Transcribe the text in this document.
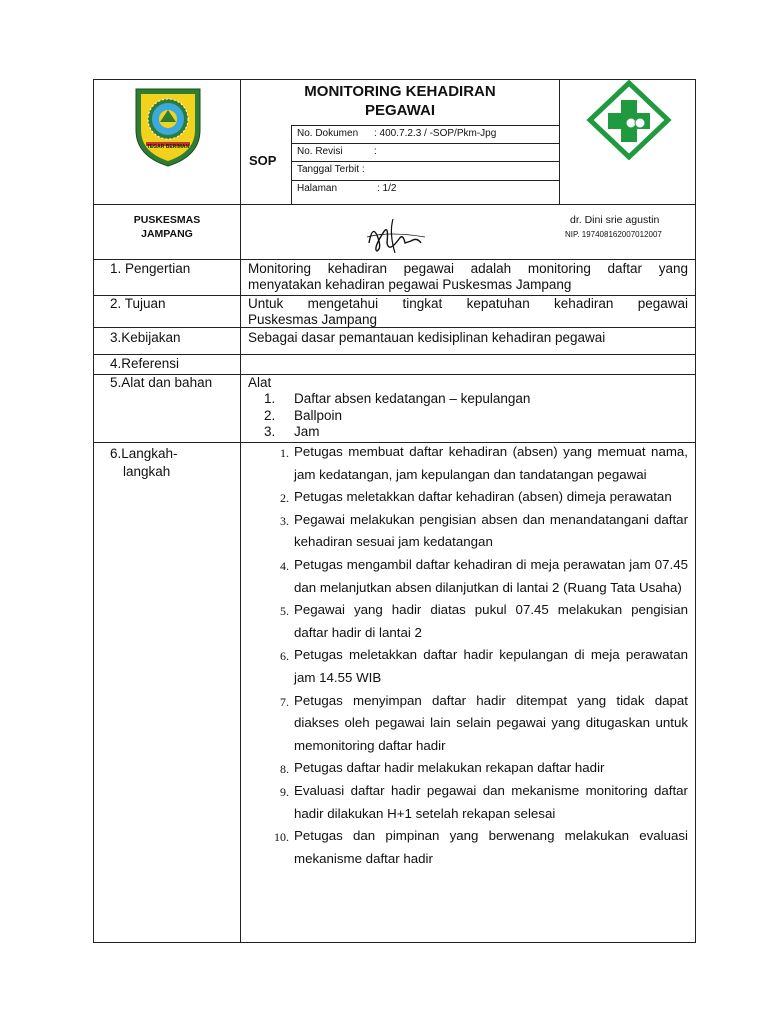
TEGAR BERIMAN
MONITORING KEHADIRAN
PEGAWAI
SOP
No. Dokumen : 400.7.2.3 / -SOP/Pkm-Jpg
No. Revisi	:
Tanggal Terbit :
Halaman	: 1/2
PUSKESMAS
JAMPANG
dr. Dini srie agustin
NIP. 197408162007012007
1. Pengertian	Monitoring kehadiran pegawai adalah monitoring daftar yang
menyatakan kehadiran pegawai Puskesmas Jampang
2. Tujuan	Untuk mengetahui tingkat kepatuhan kehadiran pegawai
Puskesmas Jampang
3.Kebijakan	Sebagai dasar pemantauan kedisiplinan kehadiran pegawai
4.Referensi
5.Alat dan bahan	Alat
1. Daftar absen kedatangan – kepulangan
2. Ballpoin
3. Jam
6.Langkah-
langkah
1. Petugas membuat daftar kehadiran (absen) yang memuat nama, jam kedatangan, jam kepulangan dan tandatangan pegawai
2. Petugas meletakkan daftar kehadiran (absen) dimeja perawatan
3. Pegawai melakukan pengisian absen dan menandatangani daftar kehadiran sesuai jam kedatangan
4. Petugas mengambil daftar kehadiran di meja perawatan jam 07.45 dan melanjutkan absen dilanjutkan di lantai 2 (Ruang Tata Usaha)
5. Pegawai yang hadir diatas pukul 07.45 melakukan pengisian daftar hadir di lantai 2
6. Petugas meletakkan daftar hadir kepulangan di meja perawatan jam 14.55 WIB
7. Petugas menyimpan daftar hadir ditempat yang tidak dapat diakses oleh pegawai lain selain pegawai yang ditugaskan untuk memonitoring daftar hadir
8. Petugas daftar hadir melakukan rekapan daftar hadir
9. Evaluasi daftar hadir pegawai dan mekanisme monitoring daftar hadir dilakukan H+1 setelah rekapan selesai
10. Petugas dan pimpinan yang berwenang melakukan evaluasi mekanisme daftar hadir
